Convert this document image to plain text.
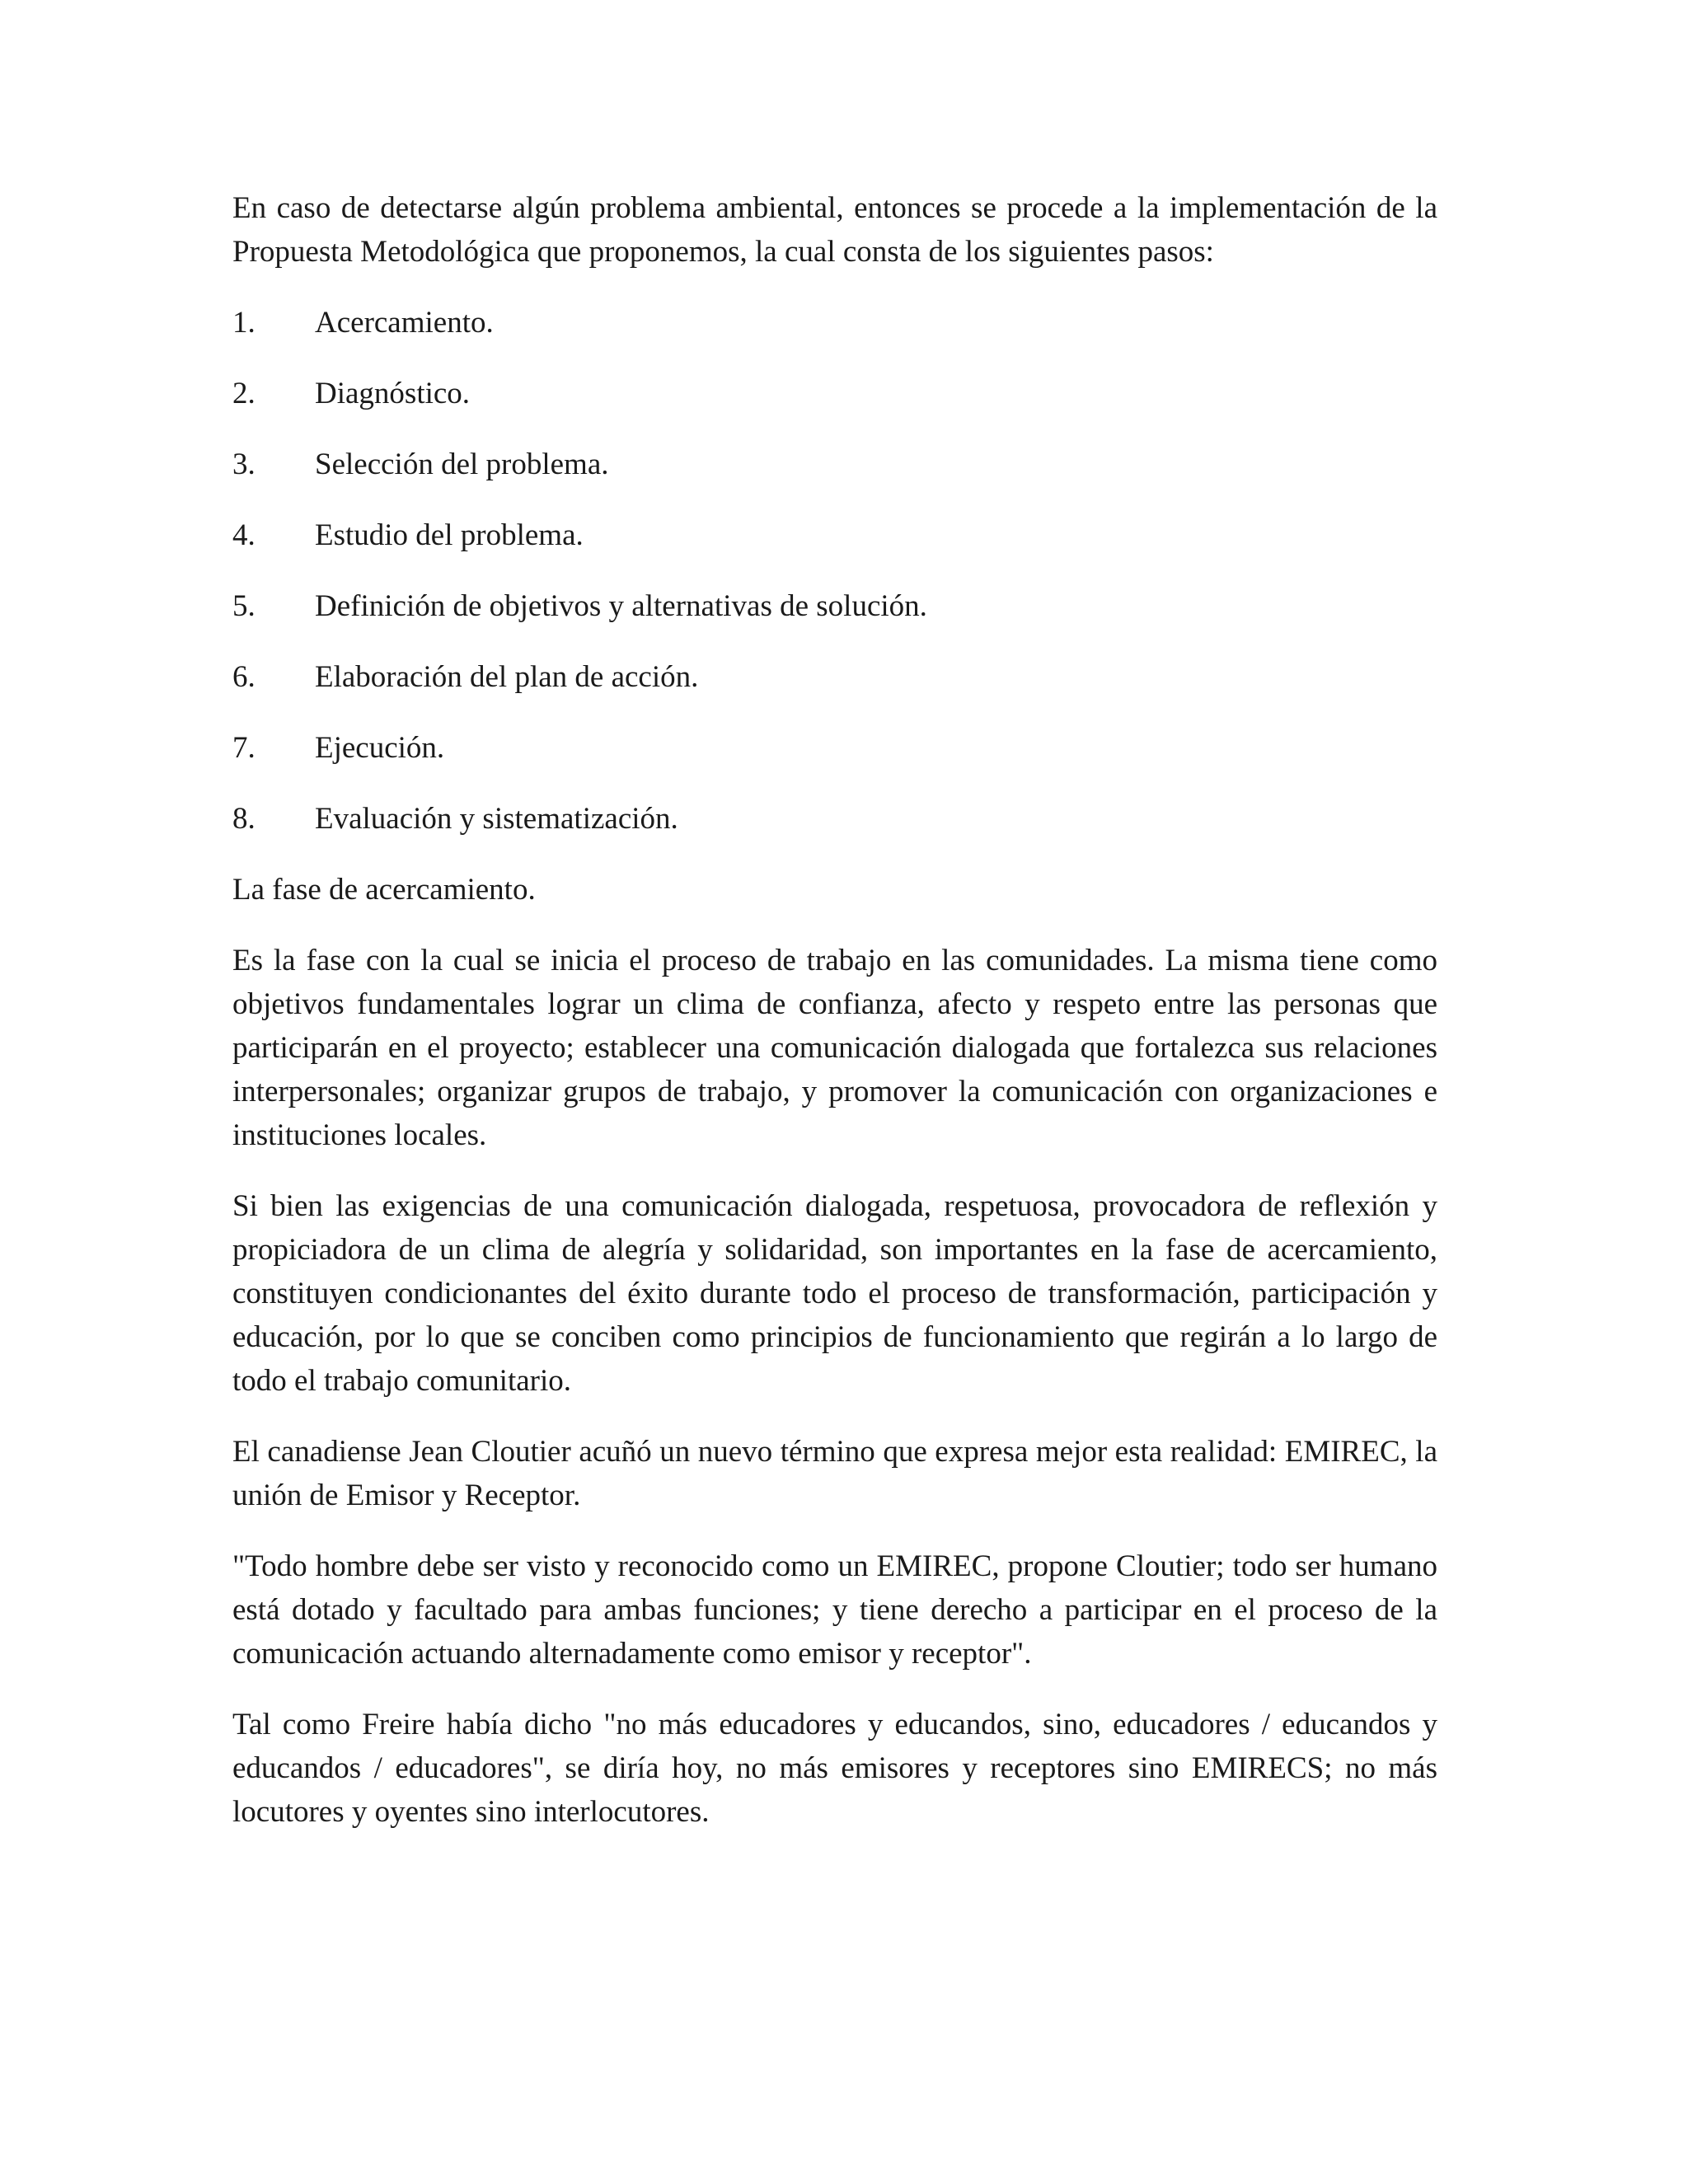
En caso de detectarse algún problema ambiental, entonces se procede a la implementación de la Propuesta Metodológica que proponemos, la cual consta de los siguientes pasos:

1.	Acercamiento.
2.	Diagnóstico.
3.	Selección del problema.
4.	Estudio del problema.
5.	Definición de objetivos y alternativas de solución.
6.	Elaboración del plan de acción.
7.	Ejecución.
8.	Evaluación y sistematización.

La fase de acercamiento.

Es la fase con la cual se inicia el proceso de trabajo en las comunidades. La misma tiene como objetivos fundamentales lograr un clima de confianza, afecto y respeto entre las personas que participarán en el proyecto; establecer una comunicación dialogada que fortalezca sus relaciones interpersonales; organizar grupos de trabajo, y promover la comunicación con organizaciones e instituciones locales.

Si bien las exigencias de una comunicación dialogada, respetuosa, provocadora de reflexión y propiciadora de un clima de alegría y solidaridad, son importantes en la fase de acercamiento, constituyen condicionantes del éxito durante todo el proceso de transformación, participación y educación, por lo que se conciben como principios de funcionamiento que regirán a lo largo de todo el trabajo comunitario.

El canadiense Jean Cloutier acuñó un nuevo término que expresa mejor esta realidad: EMIREC, la unión de Emisor y Receptor.

"Todo hombre debe ser visto y reconocido como un EMIREC, propone Cloutier; todo ser humano está dotado y facultado para ambas funciones; y tiene derecho a participar en el proceso de la comunicación actuando alternadamente como emisor y receptor".

Tal como Freire había dicho "no más educadores y educandos, sino, educadores / educandos y educandos / educadores", se diría hoy, no más emisores y receptores sino EMIRECS; no más locutores y oyentes sino interlocutores.
